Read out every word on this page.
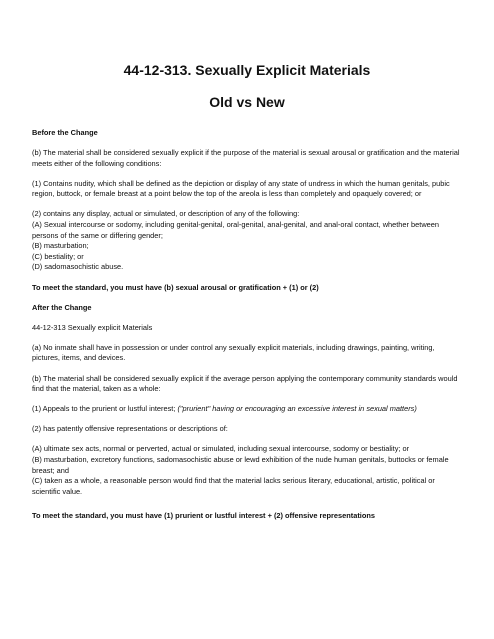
44-12-313. Sexually Explicit Materials
Old vs New

Before the Change

(b) The material shall be considered sexually explicit if the purpose of the material is sexual arousal or gratification and the material meets either of the following conditions:

(1) Contains nudity, which shall be defined as the depiction or display of any state of undress in which the human genitals, pubic region, buttock, or female breast at a point below the top of the areola is less than completely and opaquely covered; or

(2) contains any display, actual or simulated, or description of any of the following:
(A) Sexual intercourse or sodomy, including genital-genital, oral-genital, anal-genital, and anal-oral contact, whether between persons of the same or differing gender;
(B) masturbation;
(C) bestiality; or
(D) sadomasochistic abuse.

To meet the standard, you must have (b) sexual arousal or gratification + (1) or (2)

After the Change

44-12-313 Sexually explicit Materials

(a) No inmate shall have in possession or under control any sexually explicit materials, including drawings, painting, writing, pictures, items, and devices.

(b) The material shall be considered sexually explicit if the average person applying the contemporary community standards would find that the material, taken as a whole:

(1) Appeals to the prurient or lustful interest; ("prurient" having or encouraging an excessive interest in sexual matters)

(2) has patently offensive representations or descriptions of:

(A) ultimate sex acts, normal or perverted, actual or simulated, including sexual intercourse, sodomy or bestiality; or
(B) masturbation, excretory functions, sadomasochistic abuse or lewd exhibition of the nude human genitals, buttocks or female breast; and
(C) taken as a whole, a reasonable person would find that the material lacks serious literary, educational, artistic, political or scientific value.

To meet the standard, you must have (1) prurient or lustful interest + (2) offensive representations
